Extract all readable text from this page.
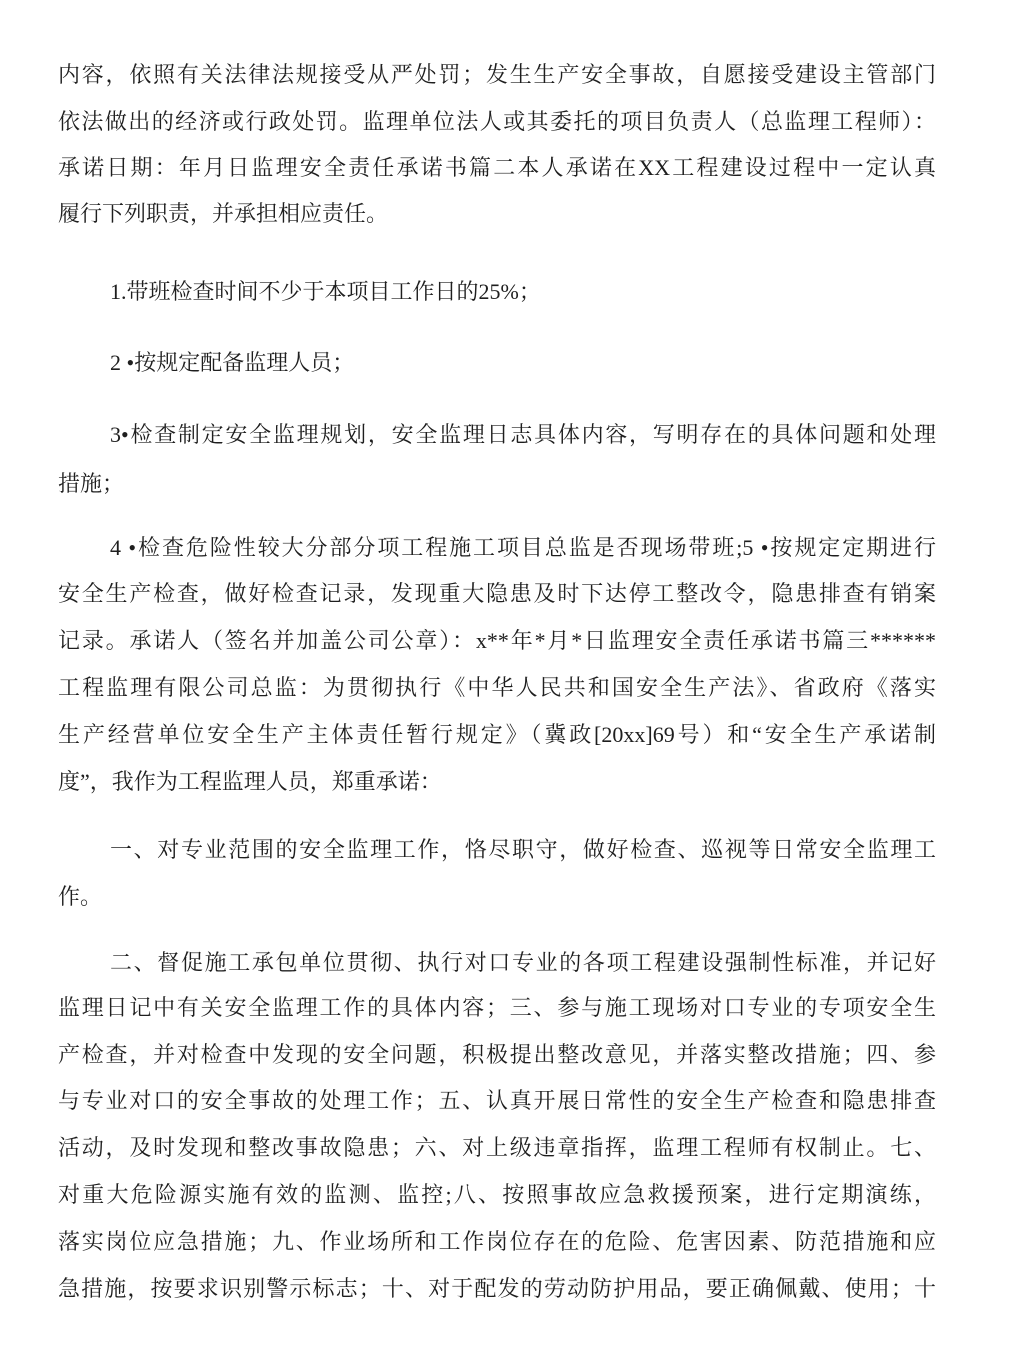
内容，依照有关法律法规接受从严处罚；发生生产安全事故，自愿接受建设主管部门
依法做出的经济或行政处罚。监理单位法人或其委托的项目负责人（总监理工程师）：
承诺日期：年月日监理安全责任承诺书篇二本人承诺在XX工程建设过程中一定认真
履行下列职责，并承担相应责任。
1.带班检查时间不少于本项目工作日的25%；
2 •按规定配备监理人员；
3•检查制定安全监理规划，安全监理日志具体内容，写明存在的具体问题和处理
措施；
4 •检查危险性较大分部分项工程施工项目总监是否现场带班;5 •按规定定期进行
安全生产检查，做好检查记录，发现重大隐患及时下达停工整改令，隐患排查有销案
记录。承诺人（签名并加盖公司公章）：x**年*月*日监理安全责任承诺书篇三******
工程监理有限公司总监：为贯彻执行《中华人民共和国安全生产法》、省政府《落实
生产经营单位安全生产主体责任暂行规定》（冀政[20xx]69号）和“安全生产承诺制
度”，我作为工程监理人员，郑重承诺：
一、对专业范围的安全监理工作，恪尽职守，做好检查、巡视等日常安全监理工
作。
二、督促施工承包单位贯彻、执行对口专业的各项工程建设强制性标准，并记好
监理日记中有关安全监理工作的具体内容；三、参与施工现场对口专业的专项安全生
产检查，并对检查中发现的安全问题，积极提出整改意见，并落实整改措施；四、参
与专业对口的安全事故的处理工作；五、认真开展日常性的安全生产检查和隐患排查
活动，及时发现和整改事故隐患；六、对上级违章指挥，监理工程师有权制止。七、
对重大危险源实施有效的监测、监控;八、按照事故应急救援预案，进行定期演练，
落实岗位应急措施；九、作业场所和工作岗位存在的危险、危害因素、防范措施和应
急措施，按要求识别警示标志；十、对于配发的劳动防护用品，要正确佩戴、使用；十
